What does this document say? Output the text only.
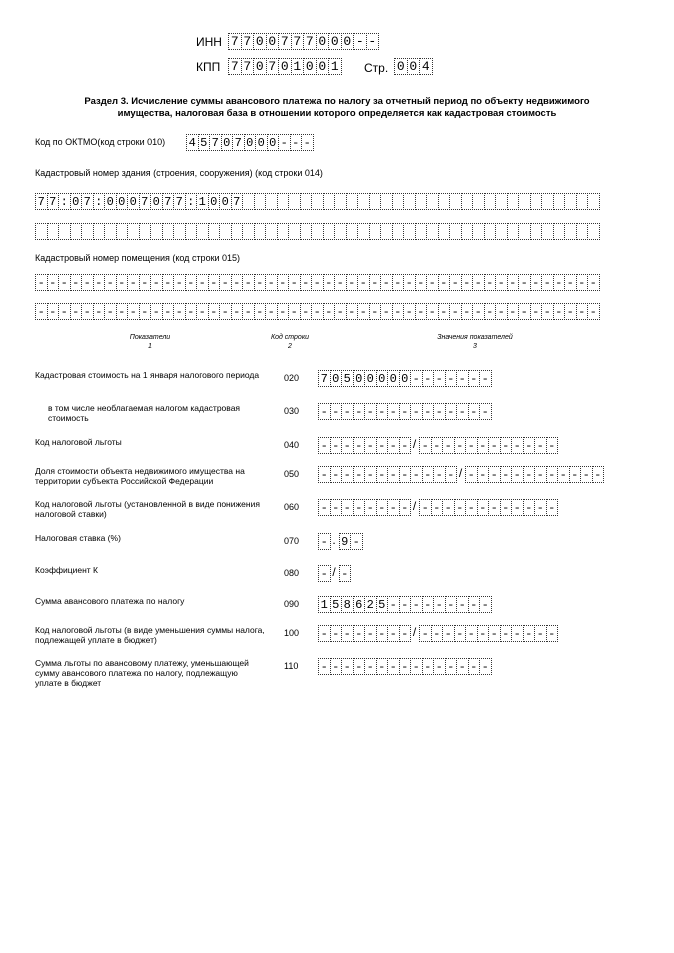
ИНН 7 7 0 0 7 7 7 0 0 0 - -
КПП 7 7 0 7 0 1 0 0 1 Стр. 0 0 4
Раздел 3. Исчисление суммы авансового платежа по налогу за отчетный период по объекту недвижимого
имущества, налоговая база в отношении которого определяется как кадастровая стоимость
Код по ОКТМО(код строки 010) 4 5 7 0 7 0 0 0 - - -
Кадастровый номер здания (строения, сооружения) (код строки 014)
7 7 : 0 7 : 0 0 0 7 0 7 7 : 1 0 0 7
Кадастровый номер помещения (код строки 015)
- - - - - - - - - - - - - - - - - - - - - - - - - - - - - - - - - - - - - - - - - - - - - - - - -
- - - - - - - - - - - - - - - - - - - - - - - - - - - - - - - - - - - - - - - - - - - - - - - - -
Показатели
1
Код строки
2
Значения показателей
3
Кадастровая стоимость на 1 января налогового периода	020 7 0 5 0 0 0 0 0 - - - - - - -
в том числе необлагаемая налогом кадастровая стоимость
030 - - - - - - - - - - - - - - -
Код налоговой льготы	040 - - - - - - - - / - - - - - - - - - - - -
Доля стоимости объекта недвижимого имущества на территории субъекта Российской Федерации
050 - - - - - - - - - - - - / - - - - - - - - - - - -
Код налоговой льготы (установленной в виде понижения налоговой ставки)
060 - - - - - - - - / - - - - - - - - - - - -
Налоговая ставка (%)	070 - . 9 -
Коэффициент К	080 - / -
Сумма авансового платежа по налогу	090 1 5 8 6 2 5 - - - - - - - - -
Код налоговой льготы (в виде уменьшения суммы налога, подлежащей уплате в бюджет)
100 - - - - - - - - / - - - - - - - - - - - -
Сумма льготы по авансовому платежу, уменьшающей сумму авансового платежа по налогу, подлежащую уплате в бюджет
110 - - - - - - - - - - - - - - -
